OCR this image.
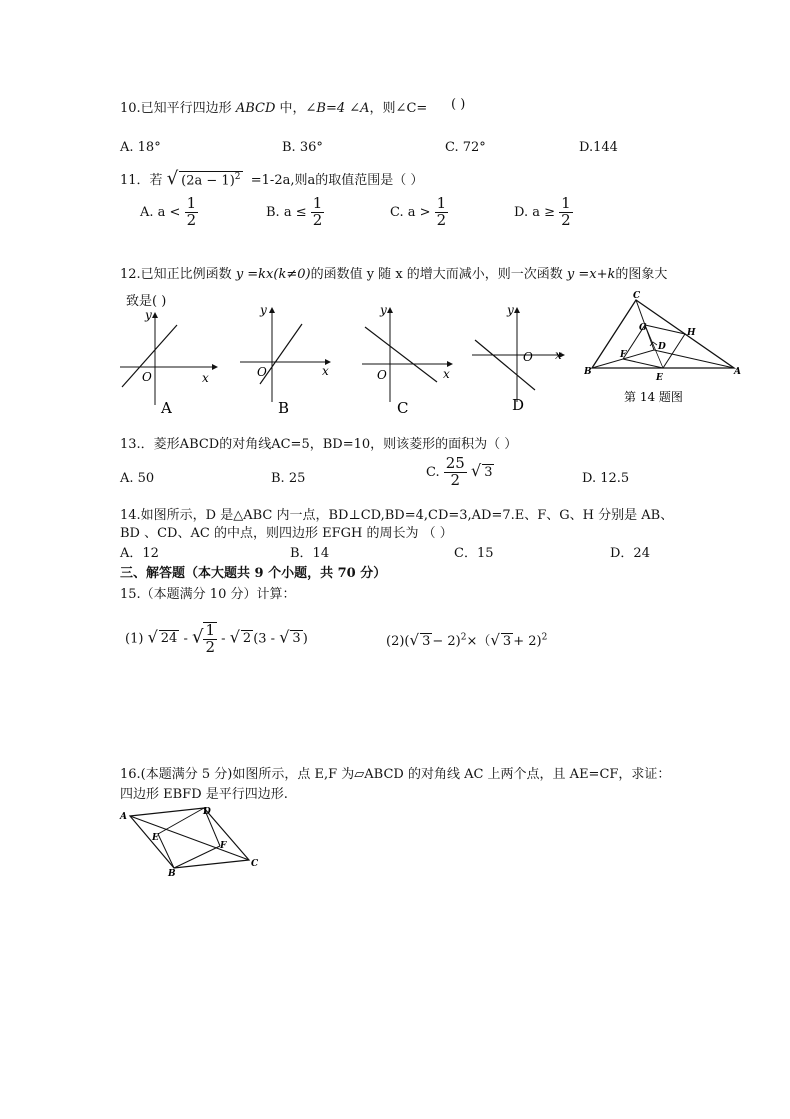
10.已知平行四边形 ABCD 中，∠B=4 ∠A，则∠C= ( )
A. 18°	B. 36°	C. 72°	D.144
11．若 √ $(2a - 1)^2 =1-2a$,则a的取值范围是（ ）
A. $a < \frac{1}{2}$	B. $a \le \frac{1}{2}$	C. $a > \frac{1}{2}$	D. $a \ge \frac{1}{2}$
12.已知正比例函数 y =kx(k≠0)的函数值 y 随 x 的增大而减小，则一次函数 y =x+k的图象大
致是( )
y
x
O
A
y
x
O
B
y
x
O
C
y
x
O
D
C
G	H
F
D
B
E
A
第 14 题图
13.．菱形ABCD的对角线AC=5，BD=10，则该菱形的面积为（ ）
A. 50	B. 25	C. $\frac{25}{2}$ √ 3	D. 12.5
14.如图所示，D 是△ABC 内一点，BD⊥CD,BD=4,CD=3,AD=7.E、F、G、H 分别是 AB、
BD 、CD、AC 的中点，则四边形 EFGH 的周长为 （ ）
A．12	B．14	C．15	D．24
三、解答题（本大题共 9 个小题，共 70 分）
15.（本题满分 10 分）计算：
(1) √ 24 - √ $\frac{1}{2}$ - √ 2 (3 - √ 3 )	(2)(√ 3 − 2)$^2$×（√ 3 + 2)$^2$
16.(本题满分 5 分)如图所示，点 E,F 为▱ABCD 的对角线 AC 上两个点，且 AE=CF，求证：
四边形 EBFD 是平行四边形.
A	D
E
F
B
C
